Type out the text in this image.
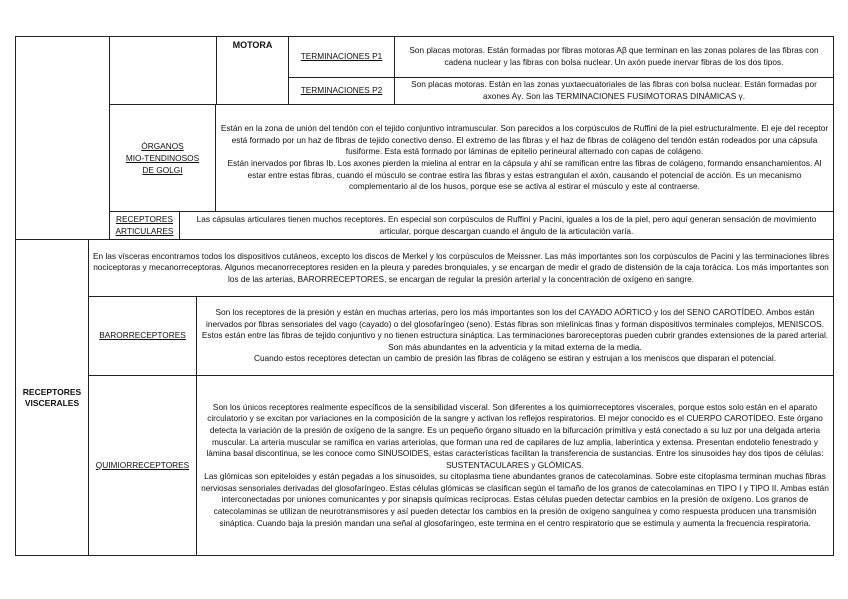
RECEPTORES
VISCERALES
MOTORA
TERMINACIONES P1

Son placas motoras. Están formadas por fibras motoras Aβ que terminan en las zonas polares de las fibras con cadena nuclear y las fibras con bolsa nuclear. Un axón puede inervar fibras de los dos tipos.

TERMINACIONES P2

Son placas motoras. Están en las zonas yuxtaecuatoriales de las fibras con bolsa nuclear. Están formadas por axones Aγ. Son las TERMINACIONES FUSIMOTORAS DINÁMICAS γ.

ÓRGANOS
MIO-TENDINOSOS
DE GOLGI

Están en la zona de unión del tendón con el tejido conjuntivo intramuscular. Son parecidos a los corpúsculos de Ruffini de la piel estructuralmente. El eje del receptor está formado por un haz de fibras de tejido conectivo denso. El extremo de las fibras y el haz de fibras de colágeno del tendón están rodeados por una cápsula fusiforme. Esta está formado por láminas de epitelio perineural alternado con capas de colágeno.

Están inervados por fibras Ib. Los axones pierden la mielina al entrar en la cápsula y ahí se ramifican entre las fibras de colágeno, formando ensanchamientos. Al estar entre estas fibras, cuando el músculo se contrae estira las fibras y estas estrangulan el axón, causando el potencial de acción. Es un mecanismo complementario al de los husos, porque ese se activa al estirar el músculo y este al contraerse.

RECEPTORES
ARTICULARES

Las cápsulas articulares tienen muchos receptores. En especial son corpúsculos de Ruffini y Pacini, iguales a los de la piel, pero aquí generan sensación de movimiento articular, porque descargan cuando el ángulo de la articulación varía.

En las vísceras encontramos todos los dispositivos cutáneos, excepto los discos de Merkel y los corpúsculos de Meissner. Las más importantes son los corpúsculos de Pacini y las terminaciones libres nociceptoras y mecanorreceptoras. Algunos mecanorreceptores residen en la pleura y paredes bronquiales, y se encargan de medir el grado de distensión de la caja torácica. Los más importantes son los de las arterias, BARORRECEPTORES, se encargan de regular la presión arterial y la concentración de oxígeno en sangre.

BARORRECEPTORES

Son los receptores de la presión y están en muchas arterias, pero los más importantes son los del CAYADO AÓRTICO y los del SENO CAROTÍDEO. Ambos están inervados por fibras sensoriales del vago (cayado) o del glosofaríngeo (seno). Estas fibras son mielínicas finas y forman dispositivos terminales complejos, MENISCOS. Estos están entre las fibras de tejido conjuntivo y no tienen estructura sináptica. Las terminaciones baroreceptoras pueden cubrir grandes extensiones de la pared arterial. Son más abundantes en la adventicia y la mitad externa de la media.

Cuando estos receptores detectan un cambio de presión las fibras de colágeno se estiran y estrujan a los meniscos que disparan el potencial.

QUIMIORRECEPTORES

Son los únicos receptores realmente específicos de la sensibilidad visceral. Son diferentes a los quimiorreceptores viscerales, porque estos solo están en el aparato circulatorio y se excitan por variaciones en la composición de la sangre y activan los reflejos respiratorios. El mejor conocido es el CUERPO CAROTÍDEO. Este órgano detecta la variación de la presión de oxígeno de la sangre. Es un pequeño órgano situado en la bifurcación primitiva y está conectado a su luz por una delgada arteria muscular. La arteria muscular se ramifica en varias arteriolas, que forman una red de capilares de luz amplia, laberíntica y extensa. Presentan endotelio fenestrado y lámina basal discontinua, se les conoce como SINUSOIDES, estas características facilitan la transferencia de sustancias. Entre los sinusoides hay dos tipos de células: SUSTENTACULARES y GLÓMICAS.

Las glómicas son epiteloides y están pegadas a los sinusoides, su citoplasma tiene abundantes granos de catecolaminas. Sobre este citoplasma terminan muchas fibras nerviosas sensoriales derivadas del glosofaríngeo. Estas células glómicas se clasifican según el tamaño de los granos de catecolaminas en TIPO I y TIPO II. Ambas están interconectadas por uniones comunicantes y por sinapsis químicas recíprocas. Estas células pueden detectar cambios en la presión de oxígeno. Los granos de catecolaminas se utilizan de neurotransmisores y así pueden detectar los cambios en la presión de oxígeno sanguínea y como respuesta producen una transmisión sináptica. Cuando baja la presión mandan una señal al glosofaríngeo, este termina en el centro respiratorio que se estimula y aumenta la frecuencia respiratoria.
